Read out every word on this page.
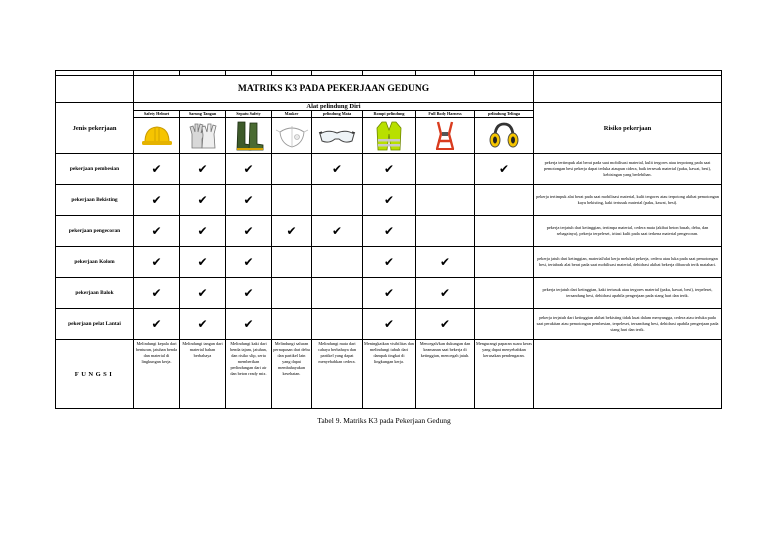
	MATRIKS K3 PADA PEKERJAAN GEDUNG								
Jenis pekerjaan	Alat pelindung Diri								Risiko pekerjaan
	Safety Helmet	Sarung Tangan	Sepatu Safety	Masker	pelindung Mata	Rompi pelindung	Full Body Harness	pelindung Telinga	

pekerjaan pembesian	✔	✔	✔		✔	✔		✔	pekerja tertimpuk alat berat pada saat mobilisasi material, kulit tergores atau terpotong pada saat pemotongan besi pekerja dapat terluka ataupun cidera, baik tersesak material (paku, kawat, besi), kebisingan yang berlebihan.
pekerjaan Bekisting	✔	✔	✔			✔			pekerja tertimpuk alat berat pada saat mobilisasi material, kulit tergores atau terpotong akibat pemotongan kayu bekisting, kaki tertusuk material (paku, kawat, besi).
pekerjaan pengecoran	✔	✔	✔	✔	✔	✔			pekerja terjatuh dari ketinggian, tertimpa material, cedera mata (akibat beton basah, debu, dan sebagainya), pekerja terpeleset, iritasi kulit pada saat terkena material pengecoran.
pekerjaan Kolom	✔	✔	✔			✔	✔		pekerja jatuh dari ketinggian, material/alat kerja melukai pekerja, cedera atau luka pada saat pemotongan besi, tertabrak alat berat pada saat mobilisasi material, dehidrasi akibat bekerja dibawah terik matahari.
pekerjaan Balok	✔	✔	✔			✔	✔		pekerja terjatuh dari ketinggian, kaki tertusuk atau tergores material (paku, kawat, besi), terpeleset, tersandung besi, dehidrasi apabila pengerjaan pada siang hari dan terik.
pekerjaan pelat Lantai	✔	✔	✔			✔	✔		pekerja terjatuh dari ketinggian akibat bekisting tidak kuat dalam menyangga, cedera atau terluka pada saat perakitan atau pemotongan pembesian, terpeleset, tersandung besi, dehidrasi apabila pengerjaan pada siang hari dan terik.
FUNGSI	Melindungi kepala dari benturan, jatuhan benda dan material di lingkungan kerja.	Melindungi tangan dari material bahan berbahaya	Melindungi kaki dari benda tajam, jatuhan, dan risiko slip, serta memberikan perlindungan dari air dan beton ready mix.	Melindungi saluran pernapasan dari debu dan partikel lain yang dapat membahayakan kesehatan.	Melindungi mata dari cahaya berbahaya dan partikel yang dapat menyebabkan cedera.	Meningkatkan visibilitas dan melindungi tubuh dari dampak tingkat di lingkungan kerja.	Mencegah/kan dukungan dan keamanan saat bekerja di ketinggian, mencegah jatuh.	Mengurangi paparan suara keras yang dapat menyebabkan kerusakan pendengaran.	
Tabel 9. Matriks K3 pada Pekerjaan Gedung
